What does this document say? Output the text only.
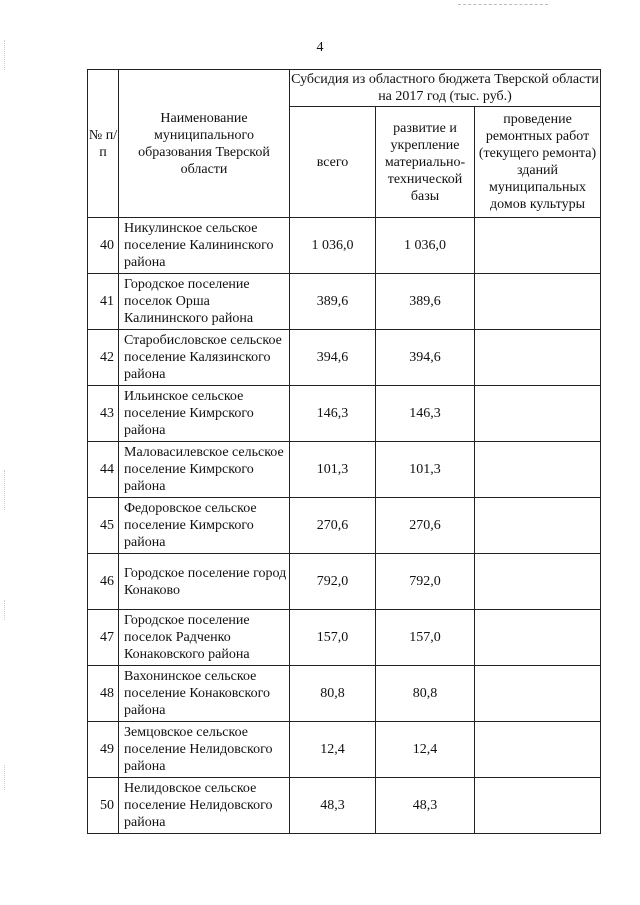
4
№ п/п	Наименование муниципального образования Тверской области	Субсидия из областного бюджета Тверской области на 2017 год (тыс. руб.)		
		всего	развитие и укрепление материально-технической базы	проведение ремонтных работ (текущего ремонта) зданий муниципальных домов культуры
40	Никулинское сельское поселение Калининского района	1 036,0	1 036,0	
41	Городское поселение поселок Орша Калининского района	389,6	389,6	
42	Старобисловское сельское поселение Калязинского района	394,6	394,6	
43	Ильинское сельское поселение Кимрского района	146,3	146,3	
44	Маловасилевское сельское поселение Кимрского района	101,3	101,3	
45	Федоровское сельское поселение Кимрского района	270,6	270,6	
46	Городское поселение город Конаково	792,0	792,0	
47	Городское поселение поселок Радченко Конаковского района	157,0	157,0	
48	Вахонинское сельское поселение Конаковского района	80,8	80,8	
49	Земцовское сельское поселение Нелидовского района	12,4	12,4	
50	Нелидовское сельское поселение Нелидовского района	48,3	48,3	
